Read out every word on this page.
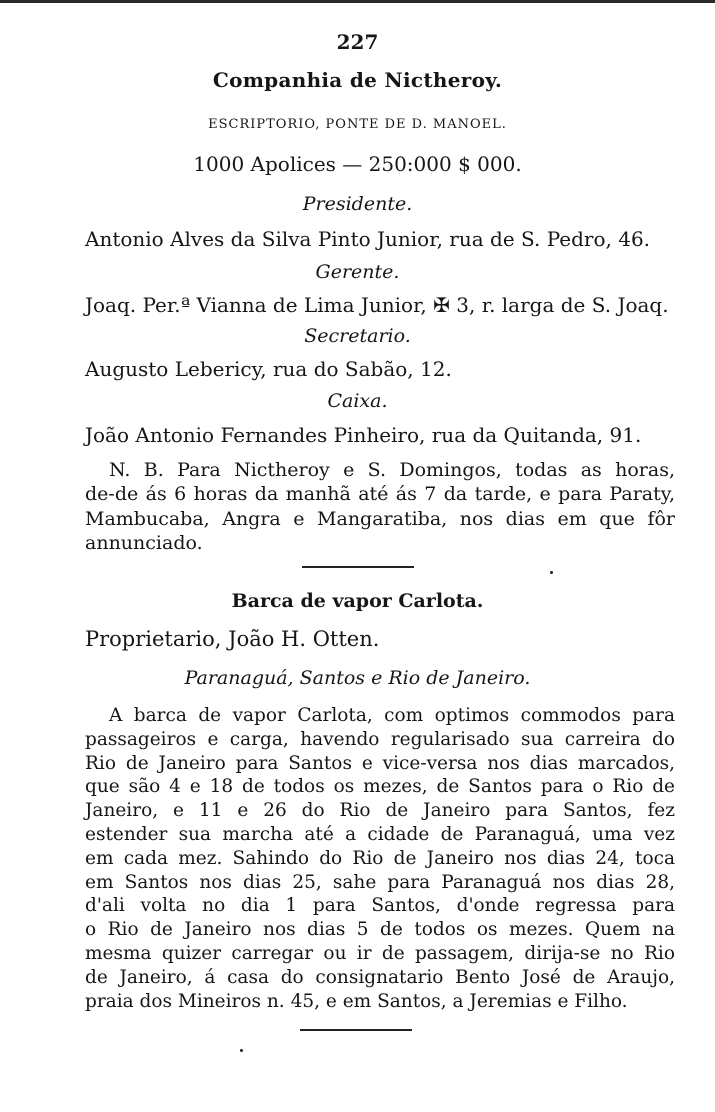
227
Companhia de Nictheroy.
ESCRIPTORIO, PONTE DE D. MANOEL.
1000 Apolices — 250:000 $ 000.
Presidente.
Antonio Alves da Silva Pinto Junior, rua de S. Pedro, 46.
Gerente.
Joaq. Per.ª Vianna de Lima Junior, ✠ 3, r. larga de S. Joaq.
Secretario.
Augusto Lebericy, rua do Sabão, 12.
Caixa.
João Antonio Fernandes Pinheiro, rua da Quitanda, 91.

N. B. Para Nictheroy e S. Domingos, todas as horas,

de-de ás 6 horas da manhã até ás 7 da tarde, e para Paraty,

Mambucaba, Angra e Mangaratiba, nos dias em que fôr

annunciado.

Barca de vapor Carlota.
Proprietario, João H. Otten.
Paranaguá, Santos e Rio de Janeiro.

A barca de vapor Carlota, com optimos commodos para

passageiros e carga, havendo regularisado sua carreira do

Rio de Janeiro para Santos e vice-versa nos dias marcados,

que são 4 e 18 de todos os mezes, de Santos para o Rio de

Janeiro, e 11 e 26 do Rio de Janeiro para Santos, fez

estender sua marcha até a cidade de Paranaguá, uma vez

em cada mez. Sahindo do Rio de Janeiro nos dias 24, toca

em Santos nos dias 25, sahe para Paranaguá nos dias 28,

d'ali volta no dia 1 para Santos, d'onde regressa para

o Rio de Janeiro nos dias 5 de todos os mezes. Quem na

mesma quizer carregar ou ir de passagem, dirija-se no Rio

de Janeiro, á casa do consignatario Bento José de Araujo,

praia dos Mineiros n. 45, e em Santos, a Jeremias e Filho.
